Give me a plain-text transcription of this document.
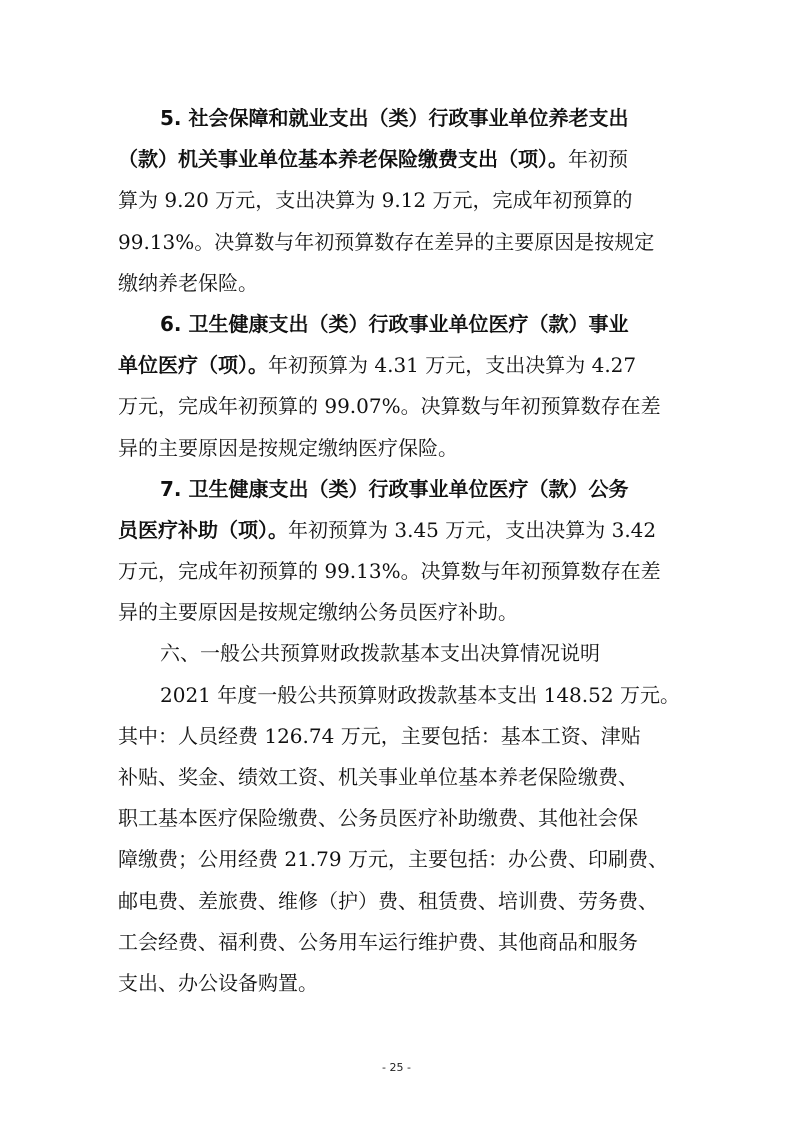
5. 社会保障和就业支出（类）行政事业单位养老支出
（款）机关事业单位基本养老保险缴费支出（项）。年初预
算为 9.20 万元，支出决算为 9.12 万元，完成年初预算的
99.13%。决算数与年初预算数存在差异的主要原因是按规定
缴纳养老保险。
6. 卫生健康支出（类）行政事业单位医疗（款）事业
单位医疗（项）。年初预算为 4.31 万元，支出决算为 4.27
万元，完成年初预算的 99.07%。决算数与年初预算数存在差
异的主要原因是按规定缴纳医疗保险。
7. 卫生健康支出（类）行政事业单位医疗（款）公务
员医疗补助（项）。年初预算为 3.45 万元，支出决算为 3.42
万元，完成年初预算的 99.13%。决算数与年初预算数存在差
异的主要原因是按规定缴纳公务员医疗补助。
六、一般公共预算财政拨款基本支出决算情况说明
2021 年度一般公共预算财政拨款基本支出 148.52 万元。
其中：人员经费 126.74 万元，主要包括：基本工资、津贴
补贴、奖金、绩效工资、机关事业单位基本养老保险缴费、
职工基本医疗保险缴费、公务员医疗补助缴费、其他社会保
障缴费；公用经费 21.79 万元，主要包括：办公费、印刷费、
邮电费、差旅费、维修（护）费、租赁费、培训费、劳务费、
工会经费、福利费、公务用车运行维护费、其他商品和服务
支出、办公设备购置。
- 25 -
